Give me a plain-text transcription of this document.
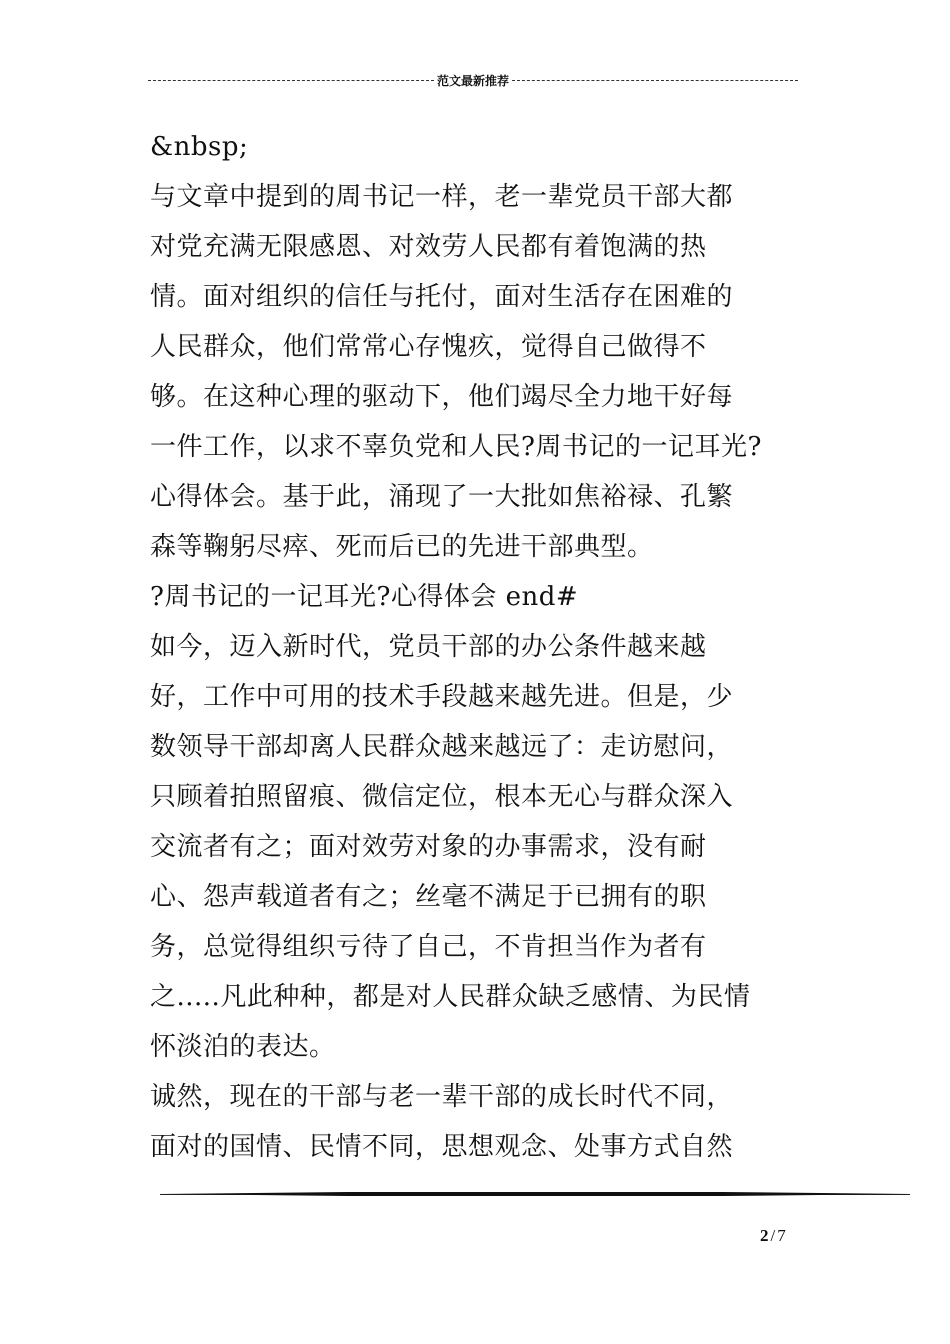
范文最新推荐
&nbsp;
与文章中提到的周书记一样，老一辈党员干部大都
对党充满无限感恩、对效劳人民都有着饱满的热
情。面对组织的信任与托付，面对生活存在困难的
人民群众，他们常常心存愧疚，觉得自己做得不
够。在这种心理的驱动下，他们竭尽全力地干好每
一件工作，以求不辜负党和人民?周书记的一记耳光?
心得体会。基于此，涌现了一大批如焦裕禄、孔繁
森等鞠躬尽瘁、死而后已的先进干部典型。
?周书记的一记耳光?心得体会 end#
如今，迈入新时代，党员干部的办公条件越来越
好，工作中可用的技术手段越来越先进。但是，少
数领导干部却离人民群众越来越远了：走访慰问，
只顾着拍照留痕、微信定位，根本无心与群众深入
交流者有之；面对效劳对象的办事需求，没有耐
心、怨声载道者有之；丝毫不满足于已拥有的职
务，总觉得组织亏待了自己，不肯担当作为者有
之.....凡此种种，都是对人民群众缺乏感情、为民情
怀淡泊的表达。
诚然，现在的干部与老一辈干部的成长时代不同，
面对的国情、民情不同，思想观念、处事方式自然
2 / 7
